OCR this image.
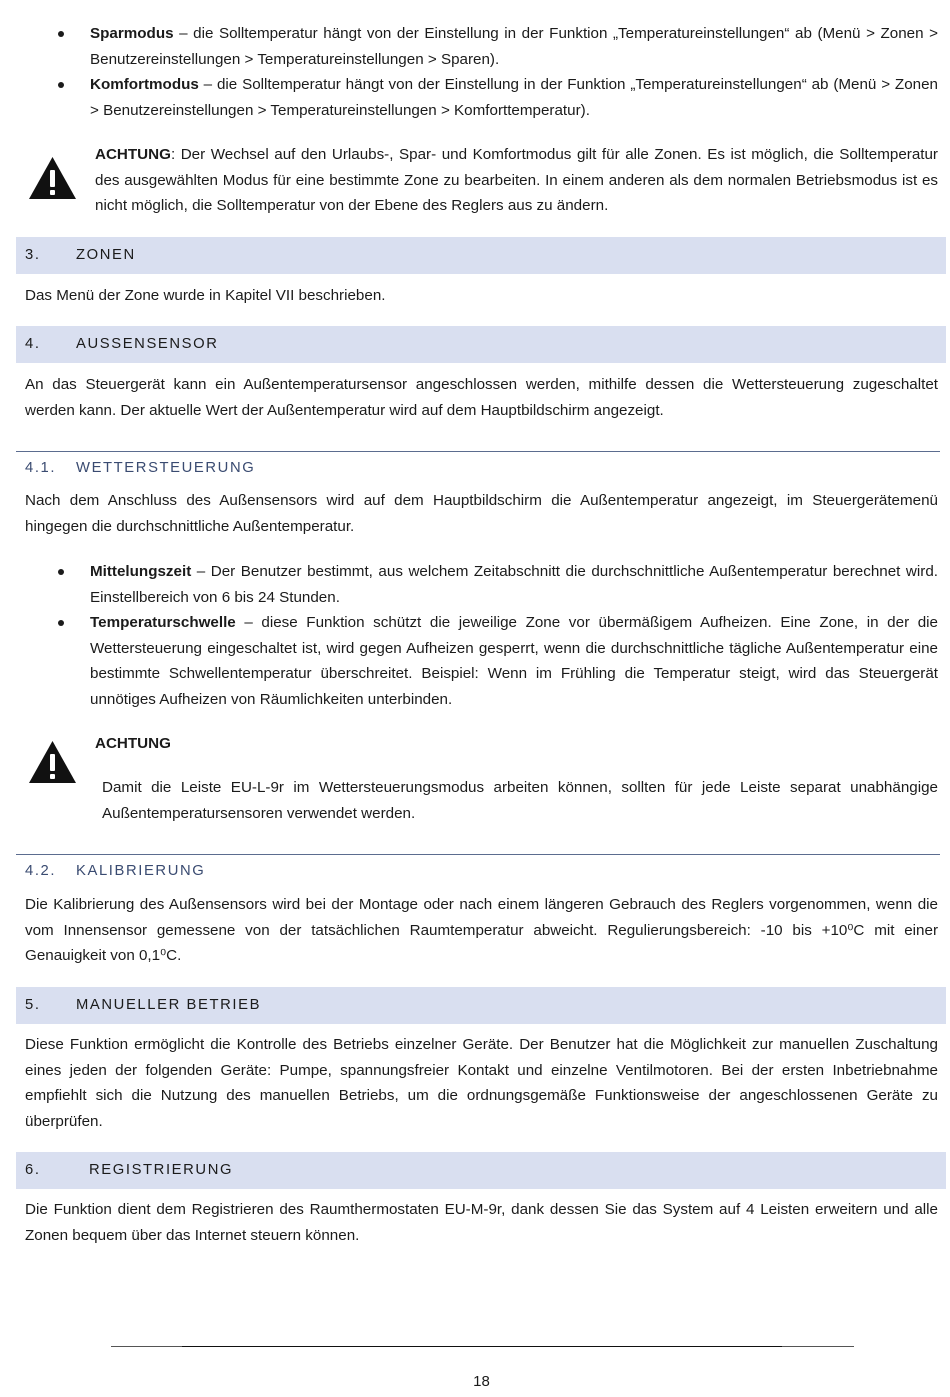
Sparmodus – die Solltemperatur hängt von der Einstellung in der Funktion „Temperatureinstellungen“ ab (Menü > Zonen > Benutzereinstellungen > Temperatureinstellungen > Sparen).
Komfortmodus – die Solltemperatur hängt von der Einstellung in der Funktion „Temperatureinstellungen“ ab (Menü > Zonen > Benutzereinstellungen > Temperatureinstellungen > Komforttemperatur).
ACHTUNG: Der Wechsel auf den Urlaubs-, Spar- und Komfortmodus gilt für alle Zonen. Es ist möglich, die Solltemperatur des ausgewählten Modus für eine bestimmte Zone zu bearbeiten. In einem anderen als dem normalen Betriebsmodus ist es nicht möglich, die Solltemperatur von der Ebene des Reglers aus zu ändern.
3. ZONEN
Das Menü der Zone wurde in Kapitel VII beschrieben.
4. AUSSENSENSOR
An das Steuergerät kann ein Außentemperatursensor angeschlossen werden, mithilfe dessen die Wettersteuerung zugeschaltet werden kann. Der aktuelle Wert der Außentemperatur wird auf dem Hauptbildschirm angezeigt.
4.1. WETTERSTEUERUNG
Nach dem Anschluss des Außensensors wird auf dem Hauptbildschirm die Außentemperatur angezeigt, im Steuergerätemenü hingegen die durchschnittliche Außentemperatur.
Mittelungszeit – Der Benutzer bestimmt, aus welchem Zeitabschnitt die durchschnittliche Außentemperatur berechnet wird. Einstellbereich von 6 bis 24 Stunden.
Temperaturschwelle – diese Funktion schützt die jeweilige Zone vor übermäßigem Aufheizen. Eine Zone, in der die Wettersteuerung eingeschaltet ist, wird gegen Aufheizen gesperrt, wenn die durchschnittliche tägliche Außentemperatur eine bestimmte Schwellentemperatur überschreitet. Beispiel: Wenn im Frühling die Temperatur steigt, wird das Steuergerät unnötiges Aufheizen von Räumlichkeiten unterbinden.
ACHTUNG
Damit die Leiste EU-L-9r im Wettersteuerungsmodus arbeiten können, sollten für jede Leiste separat unabhängige Außentemperatursensoren verwendet werden.
4.2. KALIBRIERUNG
Die Kalibrierung des Außensensors wird bei der Montage oder nach einem längeren Gebrauch des Reglers vorgenommen, wenn die vom Innensensor gemessene von der tatsächlichen Raumtemperatur abweicht. Regulierungsbereich: -10 bis +10⁰C mit einer Genauigkeit von 0,1⁰C.
5. MANUELLER BETRIEB
Diese Funktion ermöglicht die Kontrolle des Betriebs einzelner Geräte. Der Benutzer hat die Möglichkeit zur manuellen Zuschaltung eines jeden der folgenden Geräte: Pumpe, spannungsfreier Kontakt und einzelne Ventilmotoren. Bei der ersten Inbetriebnahme empfiehlt sich die Nutzung des manuellen Betriebs, um die ordnungsgemäße Funktionsweise der angeschlossenen Geräte zu überprüfen.
6.	REGISTRIERUNG
Die Funktion dient dem Registrieren des Raumthermostaten EU-M-9r, dank dessen Sie das System auf 4 Leisten erweitern und alle Zonen bequem über das Internet steuern können.
18
